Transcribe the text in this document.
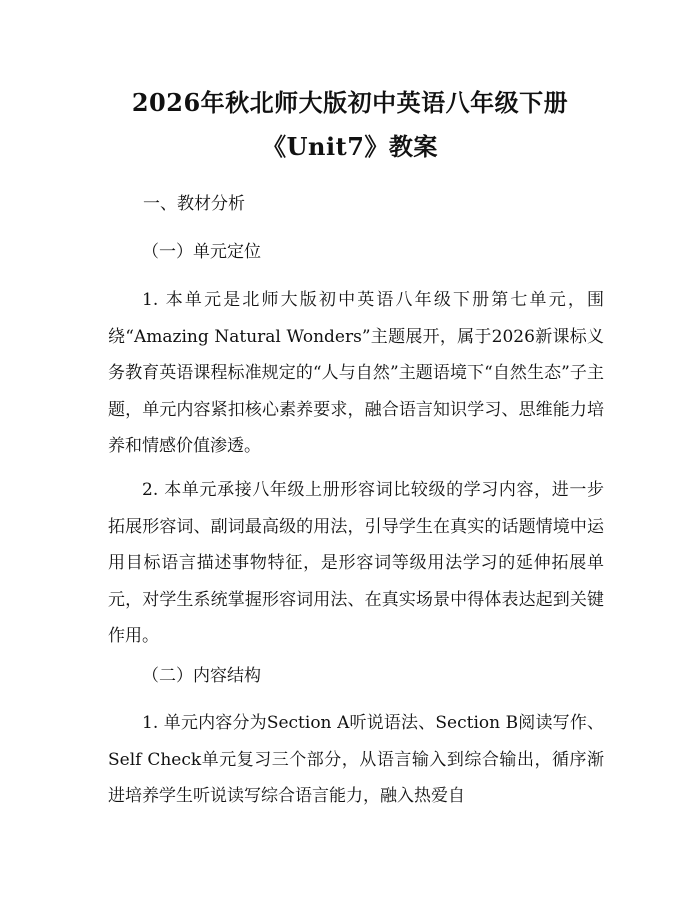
2026年秋北师大版初中英语八年级下册
《Unit7》教案
一、教材分析
（一）单元定位
1. 本单元是北师大版初中英语八年级下册第七单元，围绕“Amazing Natural Wonders”主题展开，属于2026新课标义务教育英语课程标准规定的“人与自然”主题语境下“自然生态”子主题，单元内容紧扣核心素养要求，融合语言知识学习、思维能力培养和情感价值渗透。
2. 本单元承接八年级上册形容词比较级的学习内容，进一步拓展形容词、副词最高级的用法，引导学生在真实的话题情境中运用目标语言描述事物特征，是形容词等级用法学习的延伸拓展单元，对学生系统掌握形容词用法、在真实场景中得体表达起到关键作用。
（二）内容结构
1. 单元内容分为Section A听说语法、Section B阅读写作、Self Check单元复习三个部分，从语言输入到综合输出，循序渐进培养学生听说读写综合语言能力，融入热爱自
